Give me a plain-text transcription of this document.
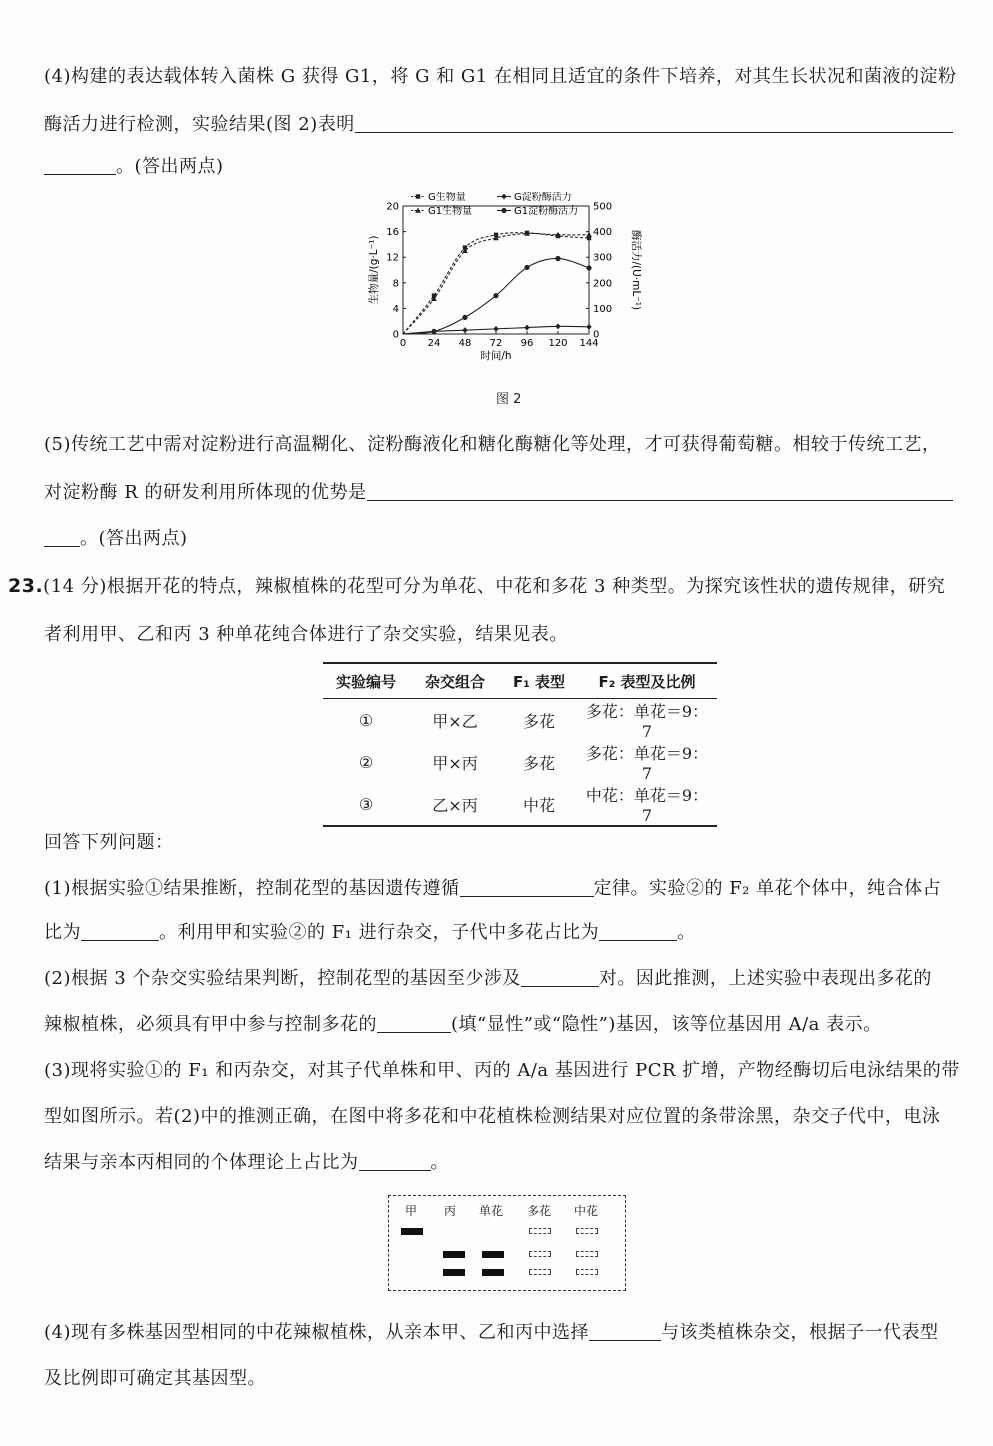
(4)构建的表达载体转入菌株 G 获得 G1，将 G 和 G1 在相同且适宜的条件下培养，对其生长状况和菌液的淀粉
酶活力进行检测，实验结果(图 2)表明
。(答出两点)
0 24 48 72 96 120 144
0
4
8
12
16
20
0
100
200
300
400
500
时间/h
生物量/(g·L⁻¹)	酶活力/(U·mL⁻¹)
G生物量	G淀粉酶活力
G1生物量	G1淀粉酶活力
图 2
(5)传统工艺中需对淀粉进行高温糊化、淀粉酶液化和糖化酶糖化等处理，才可获得葡萄糖。相较于传统工艺，
对淀粉酶 R 的研发利用所体现的优势是
。(答出两点)
23.(14 分)根据开花的特点，辣椒植株的花型可分为单花、中花和多花 3 种类型。为探究该性状的遗传规律，研究
者利用甲、乙和丙 3 种单花纯合体进行了杂交实验，结果见表。
实验编号	杂交组合	F₁ 表型	F₂ 表型及比例
①	甲×乙	多花	多花：单花＝9：7
②	甲×丙	多花	多花：单花＝9：7
③	乙×丙	中花	中花：单花＝9：7
回答下列问题：
(1)根据实验①结果推断，控制花型的基因遗传遵循	定律。实验②的 F₂ 单花个体中，纯合体占
比为	。利用甲和实验②的 F₁ 进行杂交，子代中多花占比为	。
(2)根据 3 个杂交实验结果判断，控制花型的基因至少涉及	对。因此推测，上述实验中表现出多花的
辣椒植株，必须具有甲中参与控制多花的	(填“显性”或“隐性”)基因，该等位基因用 A/a 表示。
(3)现将实验①的 F₁ 和丙杂交，对其子代单株和甲、丙的 A/a 基因进行 PCR 扩增，产物经酶切后电泳结果的带
型如图所示。若(2)中的推测正确，在图中将多花和中花植株检测结果对应位置的条带涂黑，杂交子代中，电泳
结果与亲本丙相同的个体理论上占比为	。
甲 丙 单花 多花 中花
(4)现有多株基因型相同的中花辣椒植株，从亲本甲、乙和丙中选择	与该类植株杂交，根据子一代表型
及比例即可确定其基因型。
